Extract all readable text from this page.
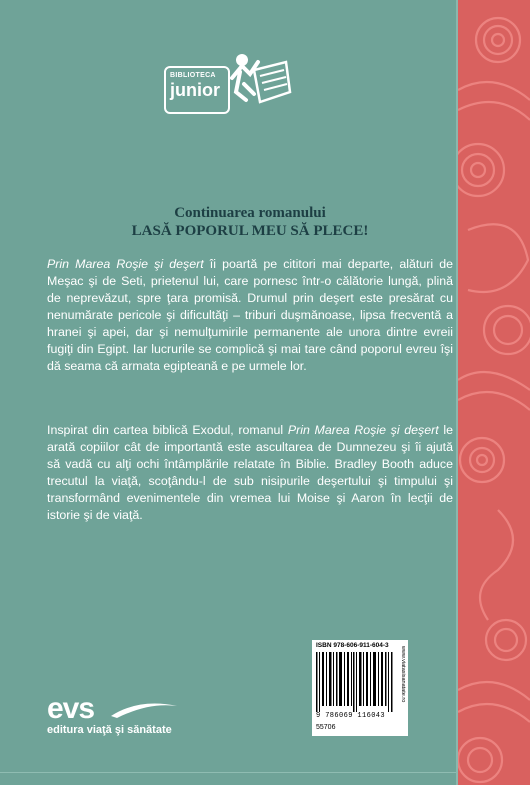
BIBLIOTECA
junior
Continuarea romanului
LASĂ POPORUL MEU SĂ PLECE!

Prin Marea Roşie şi deşert îi poartă pe cititori mai departe, alături de Meşac şi de Seti, prietenul lui, care pornesc într-o călătorie lungă, plină de neprevăzut, spre ţara promisă. Drumul prin deşert este presărat cu nenumărate pericole şi dificultăţi – triburi duşmănoase, lipsa frecventă a hranei şi apei, dar şi nemulţumirile permanente ale unora dintre evreii fugiţi din Egipt. Iar lucrurile se complică şi mai tare când poporul evreu îşi dă seama că armata egipteană e pe urmele lor.

Inspirat din cartea biblică Exodul, romanul Prin Marea Roşie şi deşert le arată copiilor cât de importantă este ascultarea de Dumnezeu şi îi ajută să vadă cu alţi ochi întâmplările relatate în Biblie. Bradley Booth aduce trecutul la viaţă, scoţându-l de sub nisipurile deşertului şi timpului şi transformând evenimentele din vremea lui Moise şi Aaron în lecţii de istorie şi de viaţă.

ISBN 978-606-911-604-3
9 786069 116043
www.viatasisanatate.ro
55706
evs
editura viaţă şi sănătate
